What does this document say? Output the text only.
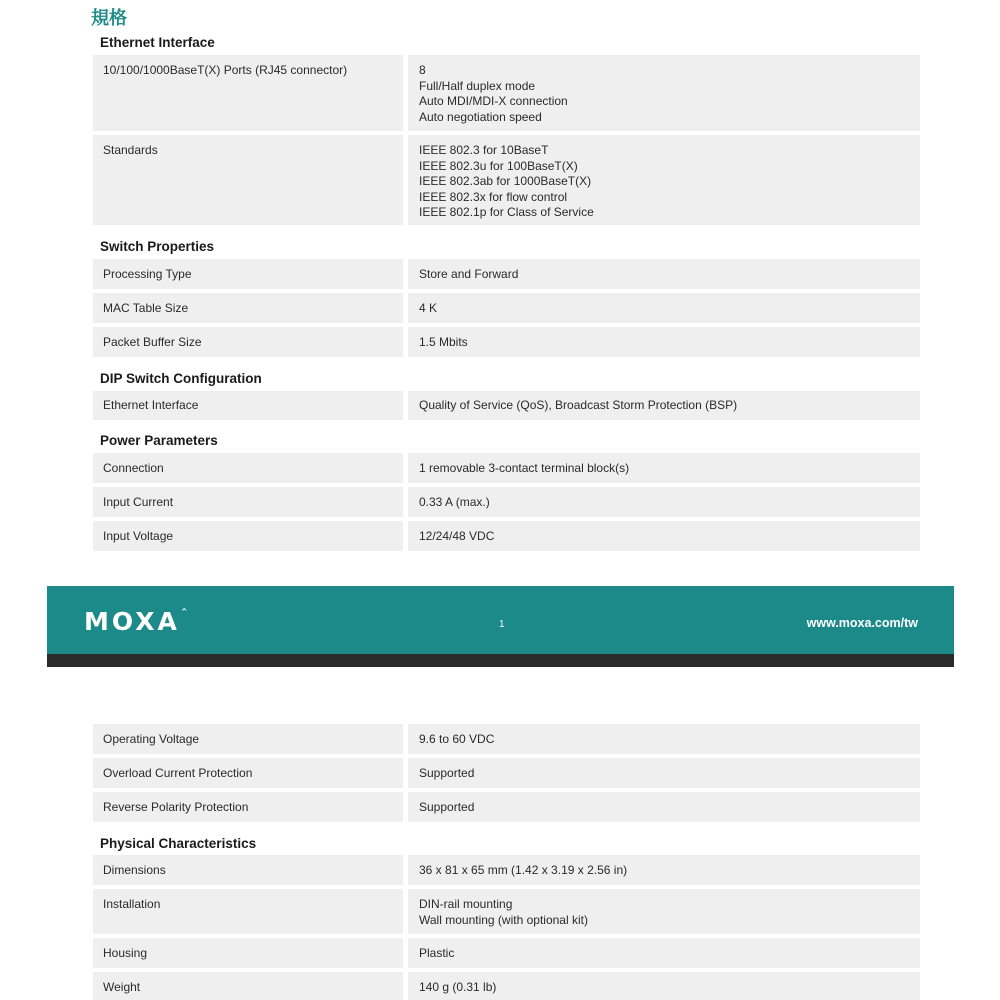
規格
Ethernet Interface
10/100/1000BaseT(X) Ports (RJ45 connector)	8
Full/Half duplex mode
Auto MDI/MDI-X connection
Auto negotiation speed
Standards	IEEE 802.3 for 10BaseT
IEEE 802.3u for 100BaseT(X)
IEEE 802.3ab for 1000BaseT(X)
IEEE 802.3x for flow control
IEEE 802.1p for Class of Service
Switch Properties
Processing Type	Store and Forward
MAC Table Size	4 K
Packet Buffer Size	1.5 Mbits
DIP Switch Configuration
Ethernet Interface	Quality of Service (QoS), Broadcast Storm Protection (BSP)
Power Parameters
Connection	1 removable 3-contact terminal block(s)
Input Current	0.33 A (max.)
Input Voltage	12/24/48 VDC
MOXA^
1	www.moxa.com/tw
Operating Voltage	9.6 to 60 VDC
Overload Current Protection	Supported
Reverse Polarity Protection	Supported
Physical Characteristics
Dimensions	36 x 81 x 65 mm (1.42 x 3.19 x 2.56 in)
Installation	DIN-rail mounting
Wall mounting (with optional kit)
Housing	Plastic
Weight	140 g (0.31 lb)
